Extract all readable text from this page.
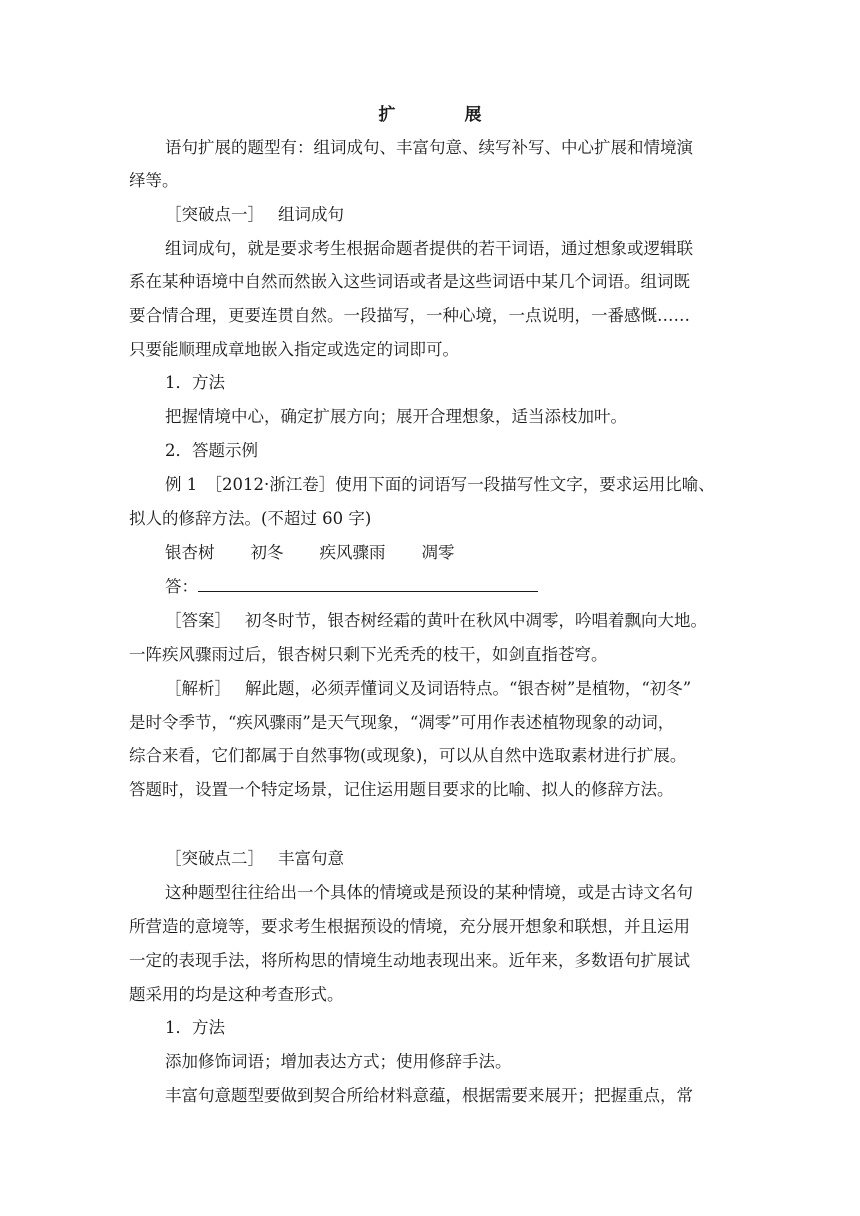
扩　展
语句扩展的题型有：组词成句、丰富句意、续写补写、中心扩展和情境演
绎等。
［突破点一］ 组词成句
组词成句，就是要求考生根据命题者提供的若干词语，通过想象或逻辑联
系在某种语境中自然而然嵌入这些词语或者是这些词语中某几个词语。组词既
要合情合理，更要连贯自然。一段描写，一种心境，一点说明，一番感慨……
只要能顺理成章地嵌入指定或选定的词即可。
1．方法
把握情境中心，确定扩展方向；展开合理想象，适当添枝加叶。
2．答题示例
例 1　［2012·浙江卷］使用下面的词语写一段描写性文字，要求运用比喻、
拟人的修辞方法。(不超过 60 字)
银杏树 初冬 疾风骤雨 凋零
答：
［答案］ 初冬时节，银杏树经霜的黄叶在秋风中凋零，吟唱着飘向大地。
一阵疾风骤雨过后，银杏树只剩下光秃秃的枝干，如剑直指苍穹。
［解析］ 解此题，必须弄懂词义及词语特点。“银杏树”是植物，“初冬”
是时令季节，“疾风骤雨”是天气现象，“凋零”可用作表述植物现象的动词，
综合来看，它们都属于自然事物(或现象)，可以从自然中选取素材进行扩展。
答题时，设置一个特定场景，记住运用题目要求的比喻、拟人的修辞方法。
［突破点二］ 丰富句意
这种题型往往给出一个具体的情境或是预设的某种情境，或是古诗文名句
所营造的意境等，要求考生根据预设的情境，充分展开想象和联想，并且运用
一定的表现手法，将所构思的情境生动地表现出来。近年来，多数语句扩展试
题采用的均是这种考查形式。
1．方法
添加修饰词语；增加表达方式；使用修辞手法。
丰富句意题型要做到契合所给材料意蕴，根据需要来展开；把握重点，常
